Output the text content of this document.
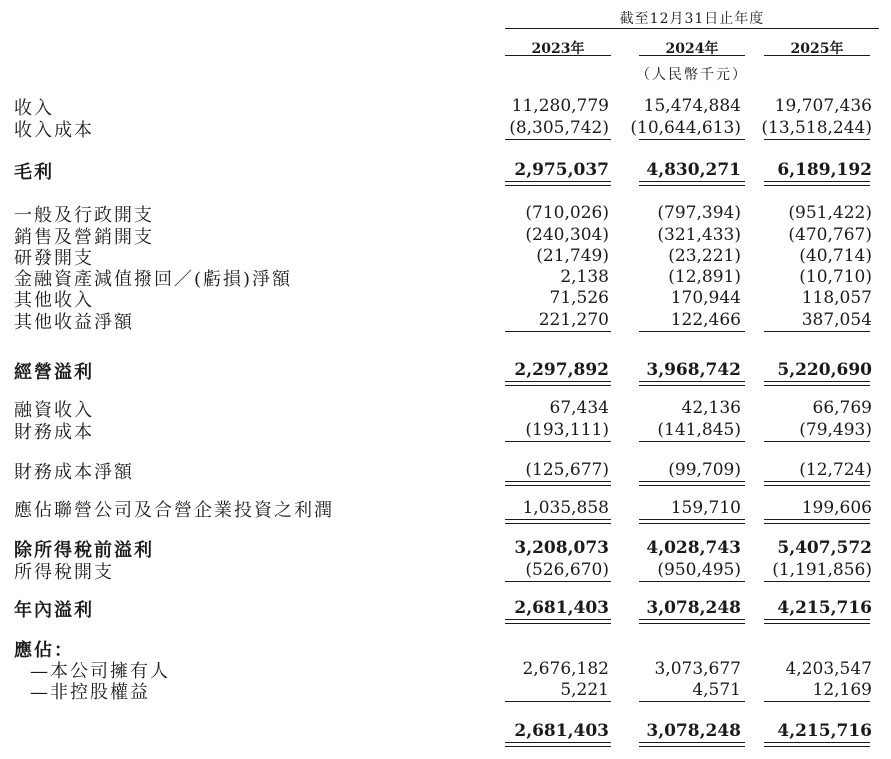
截至12月31日止年度
2023年	2024年	2025年
（人民幣千元）
收入	11,280,779	15,474,884	19,707,436
收入成本	(8,305,742)	(10,644,613)	(13,518,244)
毛利	2,975,037	4,830,271	6,189,192
一般及行政開支	(710,026)	(797,394)	(951,422)
銷售及營銷開支	(240,304)	(321,433)	(470,767)
研發開支	(21,749)	(23,221)	(40,714)
金融資產減值撥回／(虧損)淨額	2,138	(12,891)	(10,710)
其他收入	71,526	170,944	118,057
其他收益淨額	221,270	122,466	387,054
經營溢利	2,297,892	3,968,742	5,220,690
融資收入	67,434	42,136	66,769
財務成本	(193,111)	(141,845)	(79,493)
財務成本淨額	(125,677)	(99,709)	(12,724)
應佔聯營公司及合營企業投資之利潤	1,035,858	159,710	199,606
除所得稅前溢利	3,208,073	4,028,743	5,407,572
所得稅開支	(526,670)	(950,495)	(1,191,856)
年內溢利	2,681,403	3,078,248	4,215,716
應佔：
—本公司擁有人	2,676,182	3,073,677	4,203,547
—非控股權益	5,221	4,571	12,169
2,681,403	3,078,248	4,215,716
